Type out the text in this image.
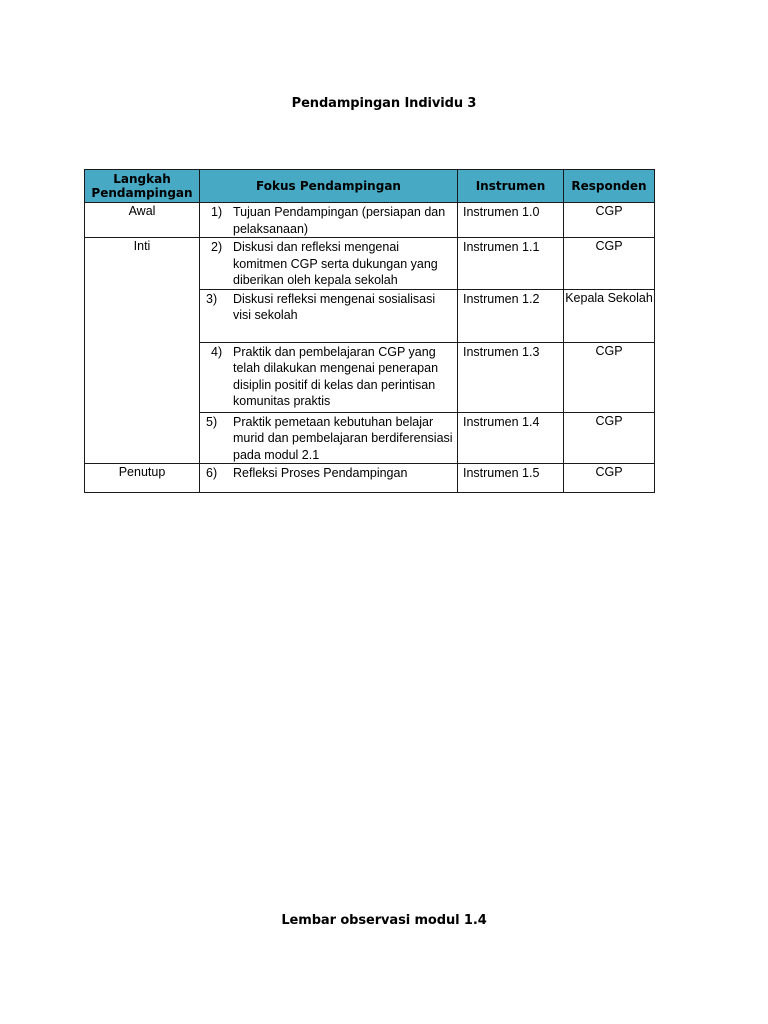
Pendampingan Individu 3
Langkah Pendampingan	Fokus Pendampingan	Instrumen	Responden
Awal	1) Tujuan Pendampingan (persiapan dan pelaksanaan)	Instrumen 1.0	CGP
Inti	2) Diskusi dan refleksi mengenai komitmen CGP serta dukungan yang diberikan oleh kepala sekolah	Instrumen 1.1	CGP

	3) Diskusi refleksi mengenai sosialisasi visi sekolah	Instrumen 1.2	Kepala Sekolah

	4) Praktik dan pembelajaran CGP yang telah dilakukan mengenai penerapan disiplin positif di kelas dan perintisan komunitas praktis	Instrumen 1.3	CGP

	5) Praktik pemetaan kebutuhan belajar murid dan pembelajaran berdiferensiasi pada modul 2.1	Instrumen 1.4	CGP
Penutup	6) Refleksi Proses Pendampingan	Instrumen 1.5	CGP
Lembar observasi modul 1.4
